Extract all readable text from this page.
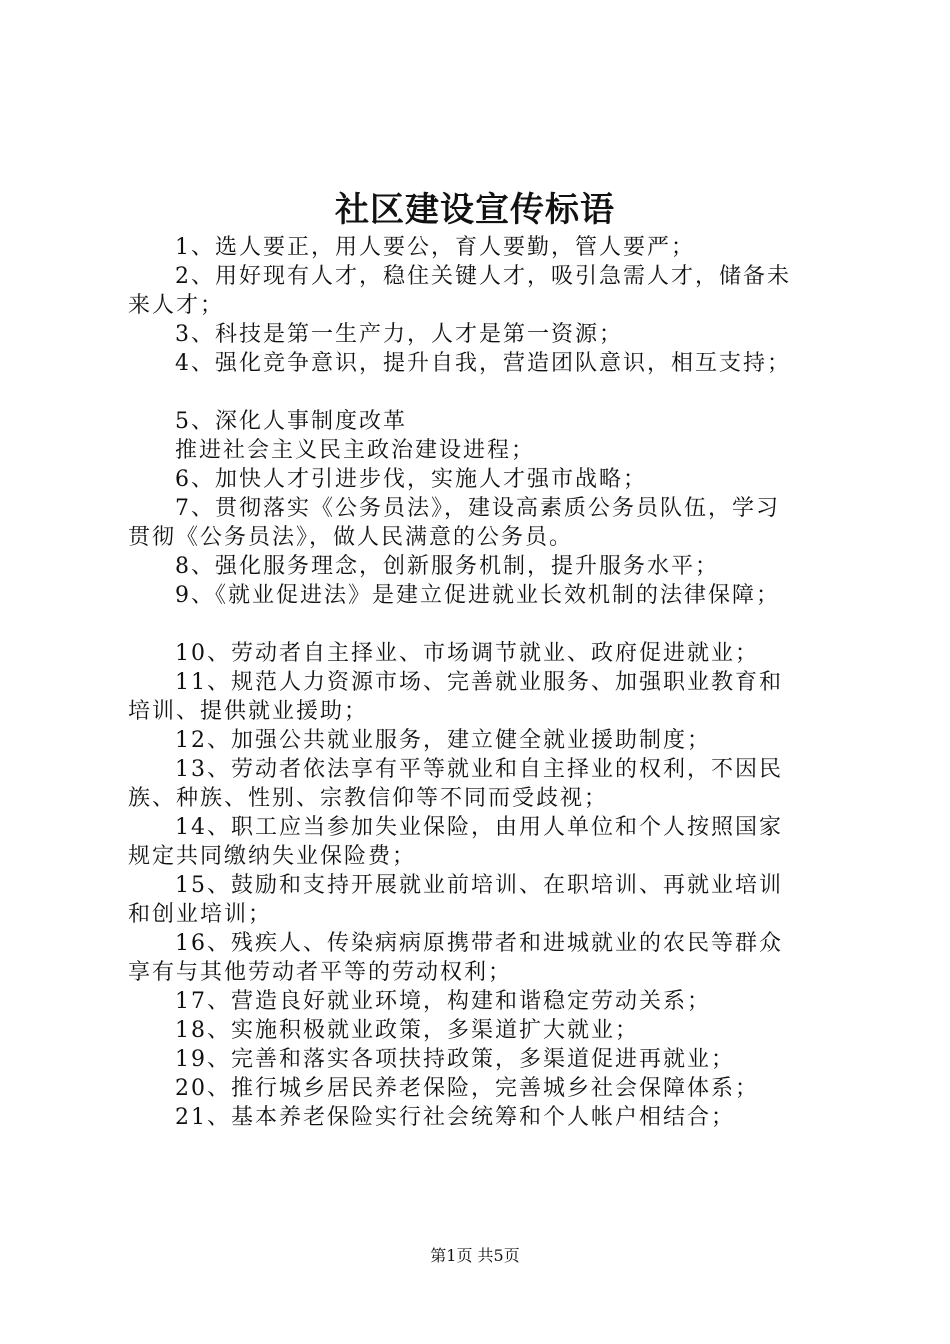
社区建设宣传标语

1、选人要正，用人要公，育人要勤，管人要严；

2、用好现有人才，稳住关键人才，吸引急需人才，储备未

来人才；

3、科技是第一生产力，人才是第一资源；

4、强化竞争意识，提升自我，营造团队意识，相互支持；

5、深化人事制度改革

推进社会主义民主政治建设进程；

6、加快人才引进步伐，实施人才强市战略；

7、贯彻落实《公务员法》，建设高素质公务员队伍，学习

贯彻《公务员法》，做人民满意的公务员。

8、强化服务理念，创新服务机制，提升服务水平；

9、《就业促进法》是建立促进就业长效机制的法律保障；

10、劳动者自主择业、市场调节就业、政府促进就业；

11、规范人力资源市场、完善就业服务、加强职业教育和

培训、提供就业援助；

12、加强公共就业服务，建立健全就业援助制度；

13、劳动者依法享有平等就业和自主择业的权利，不因民

族、种族、性别、宗教信仰等不同而受歧视；

14、职工应当参加失业保险，由用人单位和个人按照国家

规定共同缴纳失业保险费；

15、鼓励和支持开展就业前培训、在职培训、再就业培训

和创业培训；

16、残疾人、传染病病原携带者和进城就业的农民等群众

享有与其他劳动者平等的劳动权利；

17、营造良好就业环境，构建和谐稳定劳动关系；

18、实施积极就业政策，多渠道扩大就业；

19、完善和落实各项扶持政策，多渠道促进再就业；

20、推行城乡居民养老保险，完善城乡社会保障体系；

21、基本养老保险实行社会统筹和个人帐户相结合；

第1页 共5页
